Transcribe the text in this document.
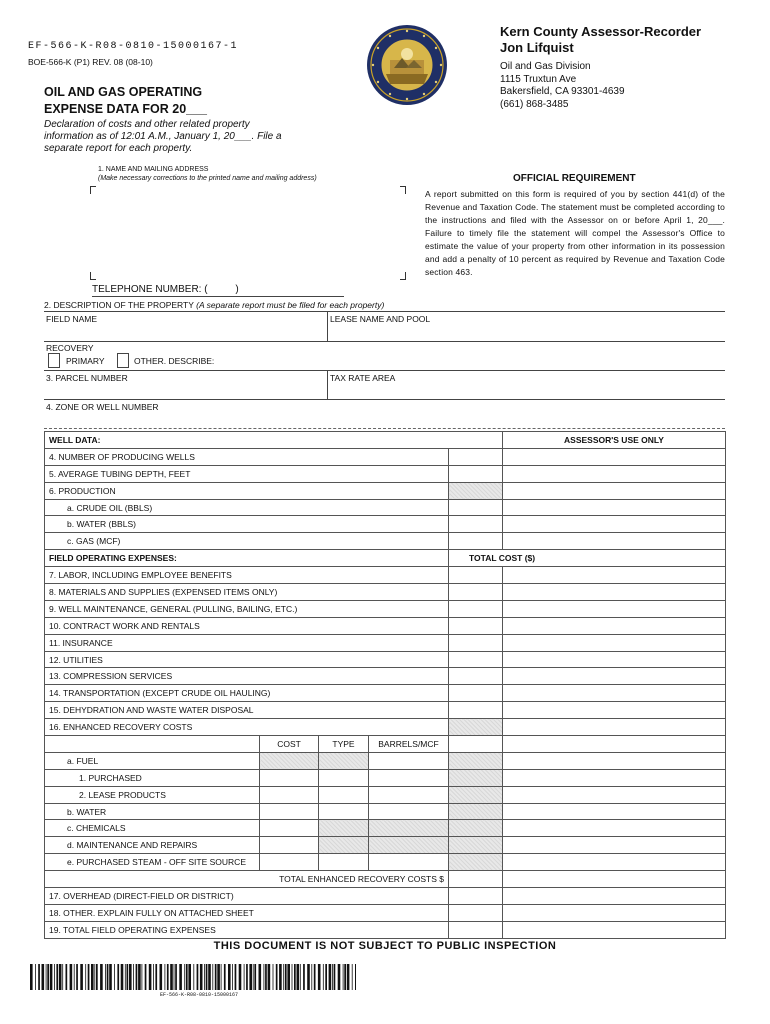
EF-566-K-R08-0810-15000167-1
BOE-566-K (P1) REV. 08 (08-10)
OIL AND GAS OPERATING
EXPENSE DATA FOR 20___
Declaration of costs and other related property information as of 12:01 A.M., January 1, 20___. File a separate report for each property.
Kern County Assessor-Recorder
Jon Lifquist
Oil and Gas Division
1115 Truxtun Ave
Bakersfield, CA 93301-4639
(661) 868-3485
1. NAME AND MAILING ADDRESS
(Make necessary corrections to the printed name and mailing address)
TELEPHONE NUMBER: (          )
OFFICIAL REQUIREMENT
A report submitted on this form is required of you by section 441(d) of the Revenue and Taxation Code. The statement must be completed according to the instructions and filed with the Assessor on or before April 1, 20___. Failure to timely file the statement will compel the Assessor's Office to estimate the value of your property from other information in its possession and add a penalty of 10 percent as required by Revenue and Taxation Code section 463.
2. DESCRIPTION OF THE PROPERTY (A separate report must be filed for each property)
FIELD NAME	LEASE NAME AND POOL
RECOVERY
PRIMARY	OTHER. DESCRIBE:
3. PARCEL NUMBER	TAX RATE AREA
4. ZONE OR WELL NUMBER
WELL DATA:					ASSESSOR'S USE ONLY
4. NUMBER OF PRODUCING WELLS					
5. AVERAGE TUBING DEPTH, FEET					
6. PRODUCTION					
a. CRUDE OIL (BBLS)					
b. WATER (BBLS)					
c. GAS (MCF)					
FIELD OPERATING EXPENSES:				TOTAL COST ($)	
7. LABOR, INCLUDING EMPLOYEE BENEFITS					
8. MATERIALS AND SUPPLIES (EXPENSED ITEMS ONLY)					
9. WELL MAINTENANCE, GENERAL (PULLING, BAILING, ETC.)					
10. CONTRACT WORK AND RENTALS					
11. INSURANCE					
12. UTILITIES					
13. COMPRESSION SERVICES					
14. TRANSPORTATION (EXCEPT CRUDE OIL HAULING)					
15. DEHYDRATION AND WASTE WATER DISPOSAL					
16. ENHANCED RECOVERY COSTS					
	COST	TYPE	BARRELS/MCF		
a. FUEL					
1. PURCHASED					
2. LEASE PRODUCTS					
b. WATER					
c. CHEMICALS					
d. MAINTENANCE AND REPAIRS					
e. PURCHASED STEAM - OFF SITE SOURCE					
TOTAL ENHANCED RECOVERY COSTS $					
17. OVERHEAD (DIRECT-FIELD OR DISTRICT)					
18. OTHER. EXPLAIN FULLY ON ATTACHED SHEET					
19. TOTAL FIELD OPERATING EXPENSES					
THIS DOCUMENT IS NOT SUBJECT TO PUBLIC INSPECTION
EF-566-K-R08-0810-15000167
